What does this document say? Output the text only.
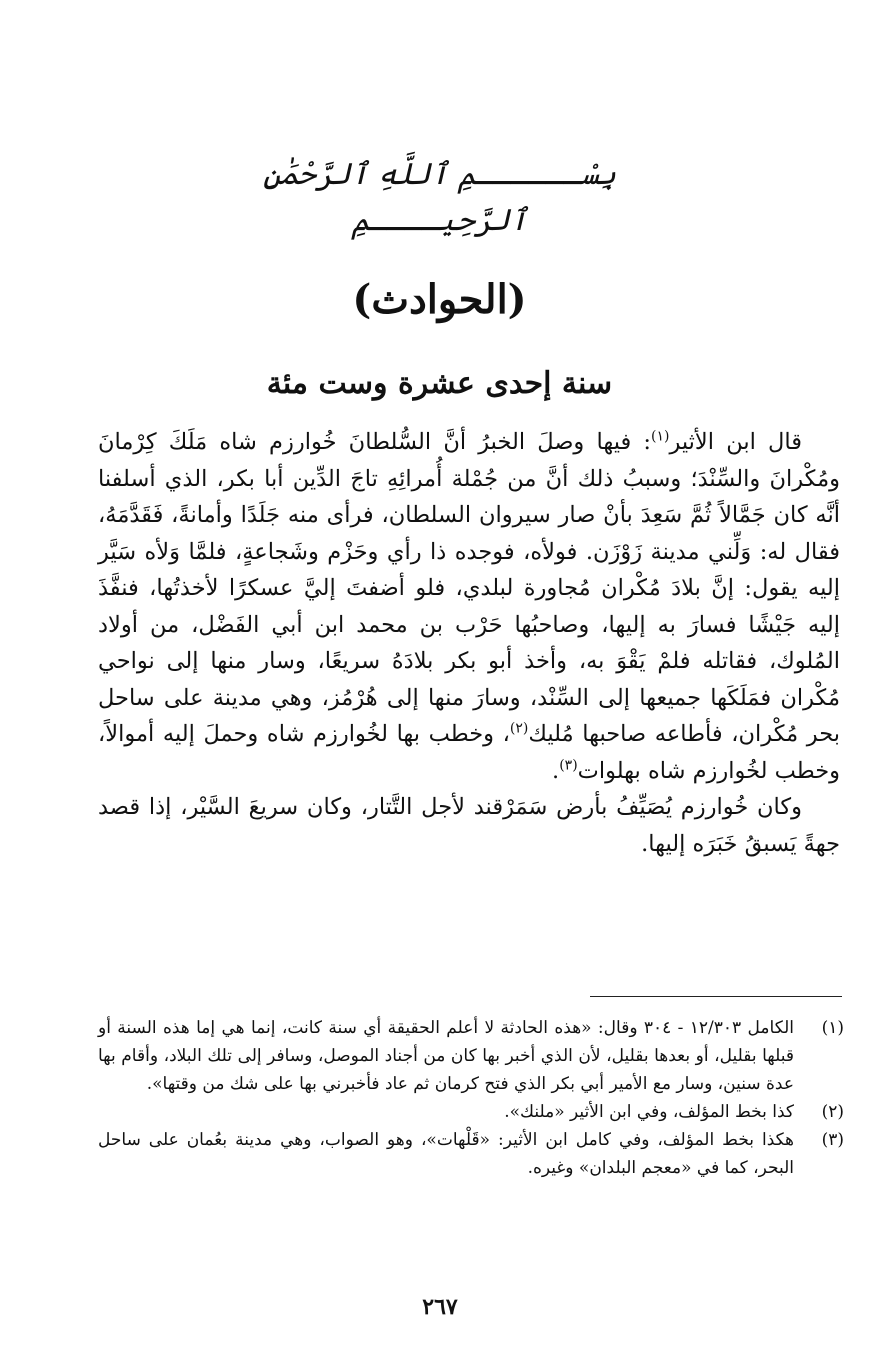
بِسْــــــمِ ٱللَّهِ ٱلرَّحْمَٰنِ ٱلرَّحِيــــمِ
(الحوادث)
سنة إحدى عشرة وست مئة

قال ابن الأثير$^{(١)}$: فيها وصلَ الخبرُ أنَّ السُّلطانَ خُوارزم شاه مَلَكَ كِرْمانَ ومُكْرانَ والسِّنْدَ؛ وسببُ ذلك أنَّ من جُمْلة أُمرائِهِ تاجَ الدِّين أبا بكر، الذي أسلفنا أنَّه كان جَمَّالاً ثُمَّ سَعِدَ بأنْ صار سيروان السلطان، فرأى منه جَلَدًا وأمانةً، فَقَدَّمَهُ، فقال له: وَلِّني مدينة زَوْزَن. فولأه، فوجده ذا رأي وحَزْم وشَجاعةٍ، فلمَّا وَلأه سَيَّر إليه يقول: إنَّ بلادَ مُكْران مُجاورة لبلدي، فلو أضفتَ إليَّ عسكرًا لأخذتُها، فنفَّذَ إليه جَيْشًا فسارَ به إليها، وصاحبُها حَرْب بن محمد ابن أبي الفَضْل، من أولاد المُلوك، فقاتله فلمْ يَقْوَ به، وأخذ أبو بكر بلادَهُ سريعًا، وسار منها إلى نواحي مُكْران فمَلَكَها جميعها إلى السِّنْد، وسارَ منها إلى هُرْمُز، وهي مدينة على ساحل بحر مُكْران، فأطاعه صاحبها مُليك$^{(٢)}$، وخطب بها لخُوارزم شاه وحملَ إليه أموالاً، وخطب لخُوارزم شاه بهلوات$^{(٣)}$.

وكان خُوارزم يُصَيِّفُ بأرض سَمَرْقند لأجل التَّتار، وكان سريعَ السَّيْر، إذا قصد جهةً يَسبقُ خَبَرَه إليها.

(١)
الكامل ١٢/٣٠٣ - ٣٠٤ وقال: «هذه الحادثة لا أعلم الحقيقة أي سنة كانت، إنما هي إما هذه السنة أو قبلها بقليل، أو بعدها بقليل، لأن الذي أخبر بها كان من أجناد الموصل، وسافر إلى تلك البلاد، وأقام بها عدة سنين، وسار مع الأمير أبي بكر الذي فتح كرمان ثم عاد فأخبرني بها على شك من وقتها».
(٢)
كذا بخط المؤلف، وفي ابن الأثير «ملنك».
(٣)
هكذا بخط المؤلف، وفي كامل ابن الأثير: «قَلْهات»، وهو الصواب، وهي مدينة بعُمان على ساحل البحر، كما في «معجم البلدان» وغيره.
٢٦٧
